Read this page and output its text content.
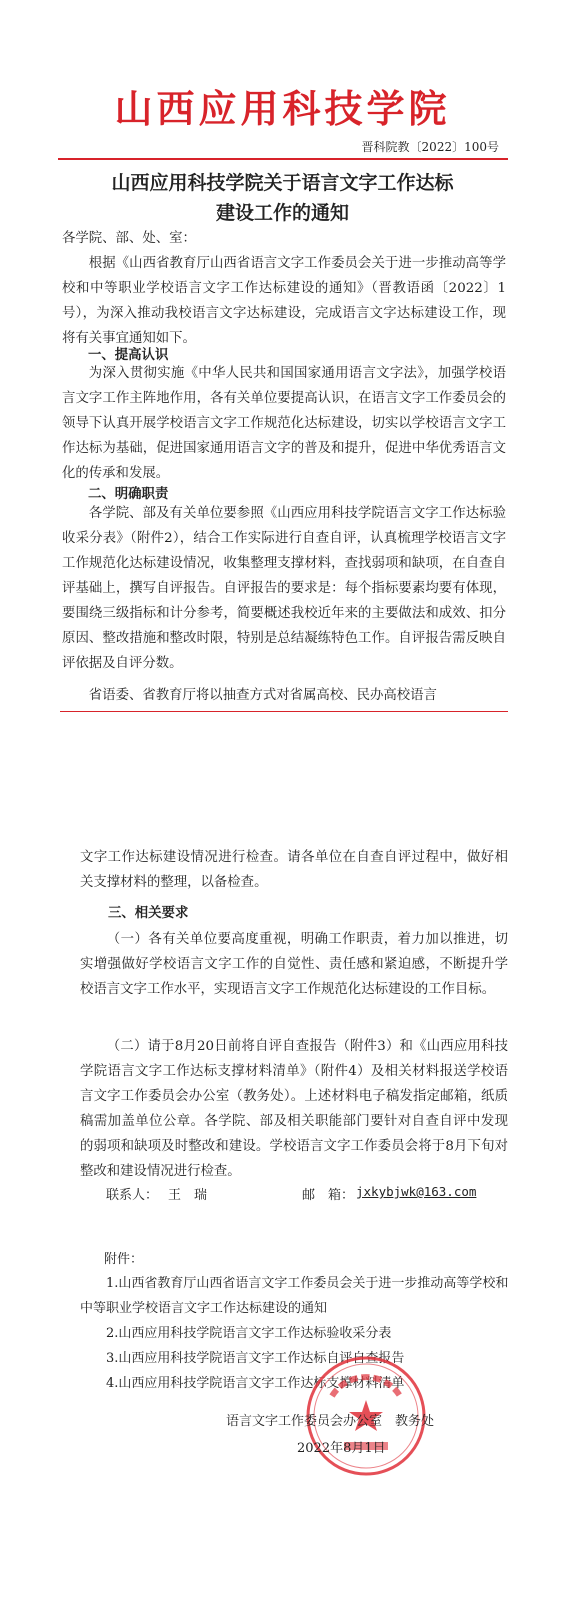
山西应用科技学院
晋科院教〔2022〕100号
山西应用科技学院关于语言文字工作达标
建设工作的通知

各学院、部、处、室：

根据《山西省教育厅山西省语言文字工作委员会关于进一步推动高等学校和中等职业学校语言文字工作达标建设的通知》（晋教语函〔2022〕1号），为深入推动我校语言文字达标建设，完成语言文字达标建设工作，现将有关事宜通知如下。

一、提高认识

为深入贯彻实施《中华人民共和国国家通用语言文字法》，加强学校语言文字工作主阵地作用，各有关单位要提高认识，在语言文字工作委员会的领导下认真开展学校语言文字工作规范化达标建设，切实以学校语言文字工作达标为基础，促进国家通用语言文字的普及和提升，促进中华优秀语言文化的传承和发展。

二、明确职责

各学院、部及有关单位要参照《山西应用科技学院语言文字工作达标验收采分表》（附件2），结合工作实际进行自查自评，认真梳理学校语言文字工作规范化达标建设情况，收集整理支撑材料，查找弱项和缺项，在自查自评基础上，撰写自评报告。自评报告的要求是：每个指标要素均要有体现，要围绕三级指标和计分参考，简要概述我校近年来的主要做法和成效、扣分原因、整改措施和整改时限，特别是总结凝练特色工作。自评报告需反映自评依据及自评分数。

省语委、省教育厅将以抽查方式对省属高校、民办高校语言

文字工作达标建设情况进行检查。请各单位在自查自评过程中，做好相关支撑材料的整理，以备检查。

三、相关要求

（一）各有关单位要高度重视，明确工作职责，着力加以推进，切实增强做好学校语言文字工作的自觉性、责任感和紧迫感，不断提升学校语言文字工作水平，实现语言文字工作规范化达标建设的工作目标。

（二）请于8月20日前将自评自查报告（附件3）和《山西应用科技学院语言文字工作达标支撑材料清单》（附件4）及相关材料报送学校语言文字工作委员会办公室（教务处）。上述材料电子稿发指定邮箱，纸质稿需加盖单位公章。各学院、部及相关职能部门要针对自查自评中发现的弱项和缺项及时整改和建设。学校语言文字工作委员会将于8月下旬对整改和建设情况进行检查。

联系人： 王　瑞	邮　箱： jxkybjwk@163.com
附件：
1.山西省教育厅山西省语言文字工作委员会关于进一步推动高等学校和中等职业学校语言文字工作达标建设的通知
2.山西应用科技学院语言文字工作达标验收采分表
3.山西应用科技学院语言文字工作达标自评自查报告
4.山西应用科技学院语言文字工作达标支撑材料清单
语言文字工作委员会办公室　教务处
2022年8月1日
